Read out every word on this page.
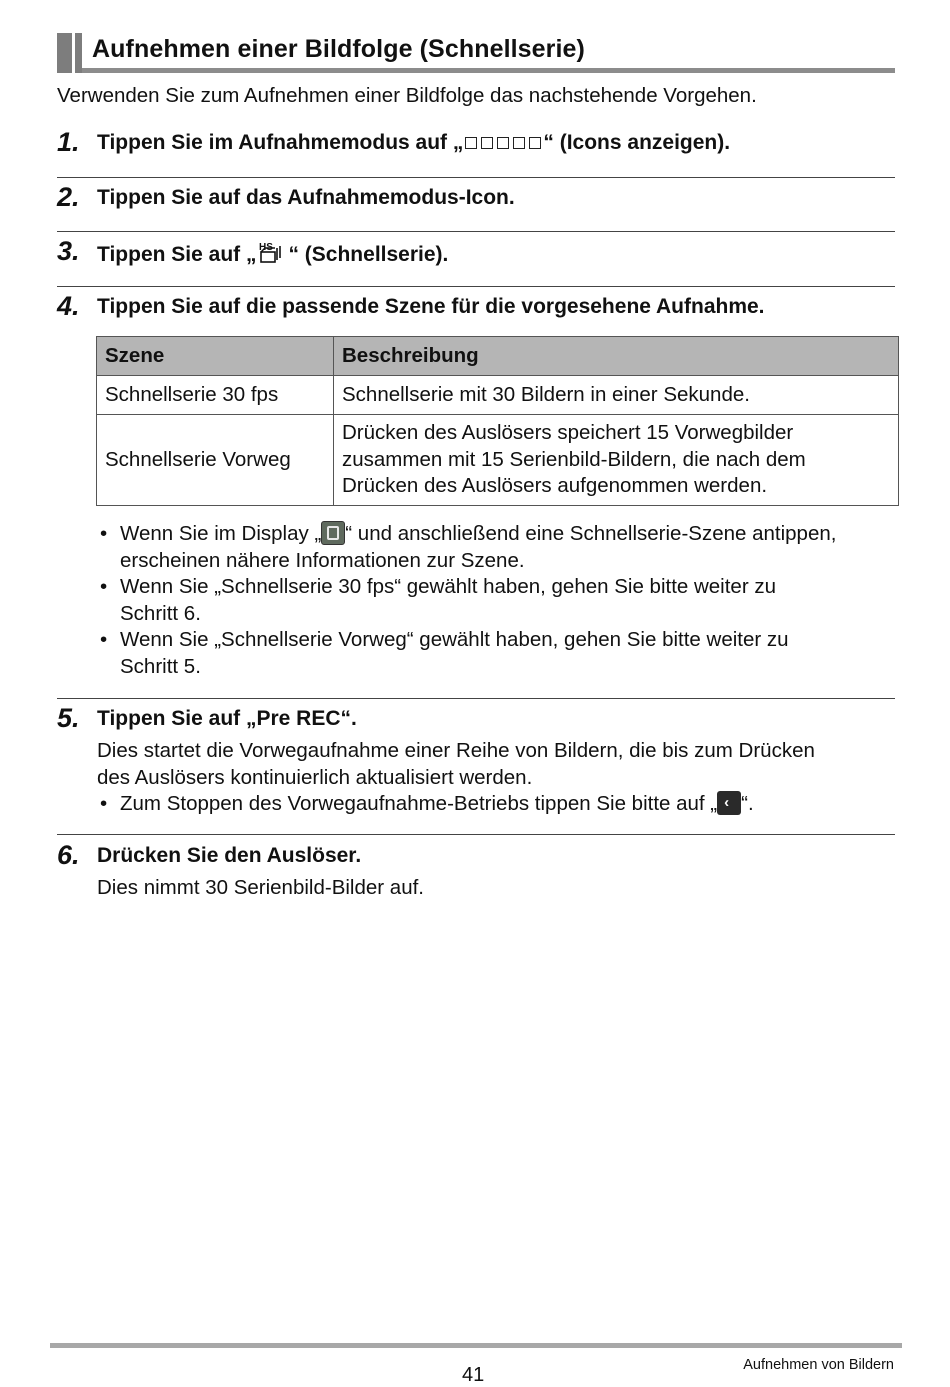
Aufnehmen einer Bildfolge (Schnellserie)
Verwenden Sie zum Aufnehmen einer Bildfolge das nachstehende Vorgehen.
1. Tippen Sie im Aufnahmemodus auf „	“ (Icons anzeigen).
2. Tippen Sie auf das Aufnahmemodus-Icon.
3. Tippen Sie auf „ HS “ (Schnellserie).
4. Tippen Sie auf die passende Szene für die vorgesehene Aufnahme.
Szene	Beschreibung
Schnellserie 30 fps	Schnellserie mit 30 Bildern in einer Sekunde.
Schnellserie Vorweg	Drücken des Auslösers speichert 15 Vorwegbilder
zusammen mit 15 Serienbild-Bildern, die nach dem
Drücken des Auslösers aufgenommen werden.
• Wenn Sie im Display „ “ und anschließend eine Schnellserie-Szene antippen,
erscheinen nähere Informationen zur Szene.
• Wenn Sie „Schnellserie 30 fps“ gewählt haben, gehen Sie bitte weiter zu
Schritt 6.
• Wenn Sie „Schnellserie Vorweg“ gewählt haben, gehen Sie bitte weiter zu
Schritt 5.
5. Tippen Sie auf „Pre REC“.
Dies startet die Vorwegaufnahme einer Reihe von Bildern, die bis zum Drücken
des Auslösers kontinuierlich aktualisiert werden.
• Zum Stoppen des Vorwegaufnahme-Betriebs tippen Sie bitte auf „ ‹ “.
6. Drücken Sie den Auslöser.
Dies nimmt 30 Serienbild-Bilder auf.
41	Aufnehmen von Bildern
